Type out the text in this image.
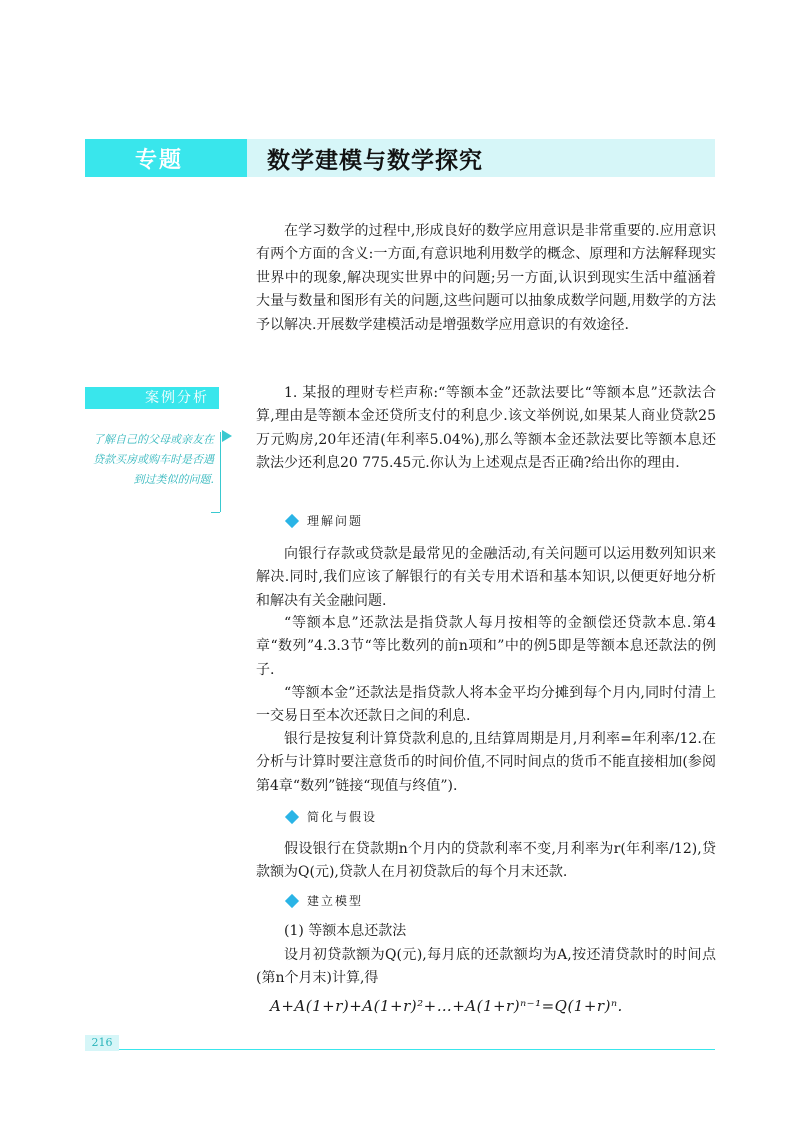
专题	数学建模与数学探究

在学习数学的过程中,形成良好的数学应用意识是非常重要的.应用意识有两个方面的含义:一方面,有意识地利用数学的概念、原理和方法解释现实世界中的现象,解决现实世界中的问题;另一方面,认识到现实生活中蕴涵着大量与数量和图形有关的问题,这些问题可以抽象成数学问题,用数学的方法予以解决.开展数学建模活动是增强数学应用意识的有效途径.

案例分析

了解自己的父母或亲友在贷款买房或购车时是否遇到过类似的问题.

1. 某报的理财专栏声称:“等额本金”还款法要比“等额本息”还款法合算,理由是等额本金还贷所支付的利息少.该文举例说,如果某人商业贷款25万元购房,20年还清(年利率5.04%),那么等额本金还款法要比等额本息还款法少还利息20 775.45元.你认为上述观点是否正确?给出你的理由.

理解问题

向银行存款或贷款是最常见的金融活动,有关问题可以运用数列知识来解决.同时,我们应该了解银行的有关专用术语和基本知识,以便更好地分析和解决有关金融问题.

“等额本息”还款法是指贷款人每月按相等的金额偿还贷款本息.第4章“数列”4.3.3节“等比数列的前n项和”中的例5即是等额本息还款法的例子.

“等额本金”还款法是指贷款人将本金平均分摊到每个月内,同时付清上一交易日至本次还款日之间的利息.

银行是按复利计算贷款利息的,且结算周期是月,月利率=年利率/12.在分析与计算时要注意货币的时间价值,不同时间点的货币不能直接相加(参阅第4章“数列”链接“现值与终值”).

简化与假设

假设银行在贷款期n个月内的贷款利率不变,月利率为r(年利率/12),贷款额为Q(元),贷款人在月初贷款后的每个月末还款.

建立模型

(1) 等额本息还款法

设月初贷款额为Q(元),每月底的还款额均为A,按还清贷款时的时间点(第n个月末)计算,得

A+A(1+r)+A(1+r)²+…+A(1+r)ⁿ⁻¹=Q(1+r)ⁿ.
216
